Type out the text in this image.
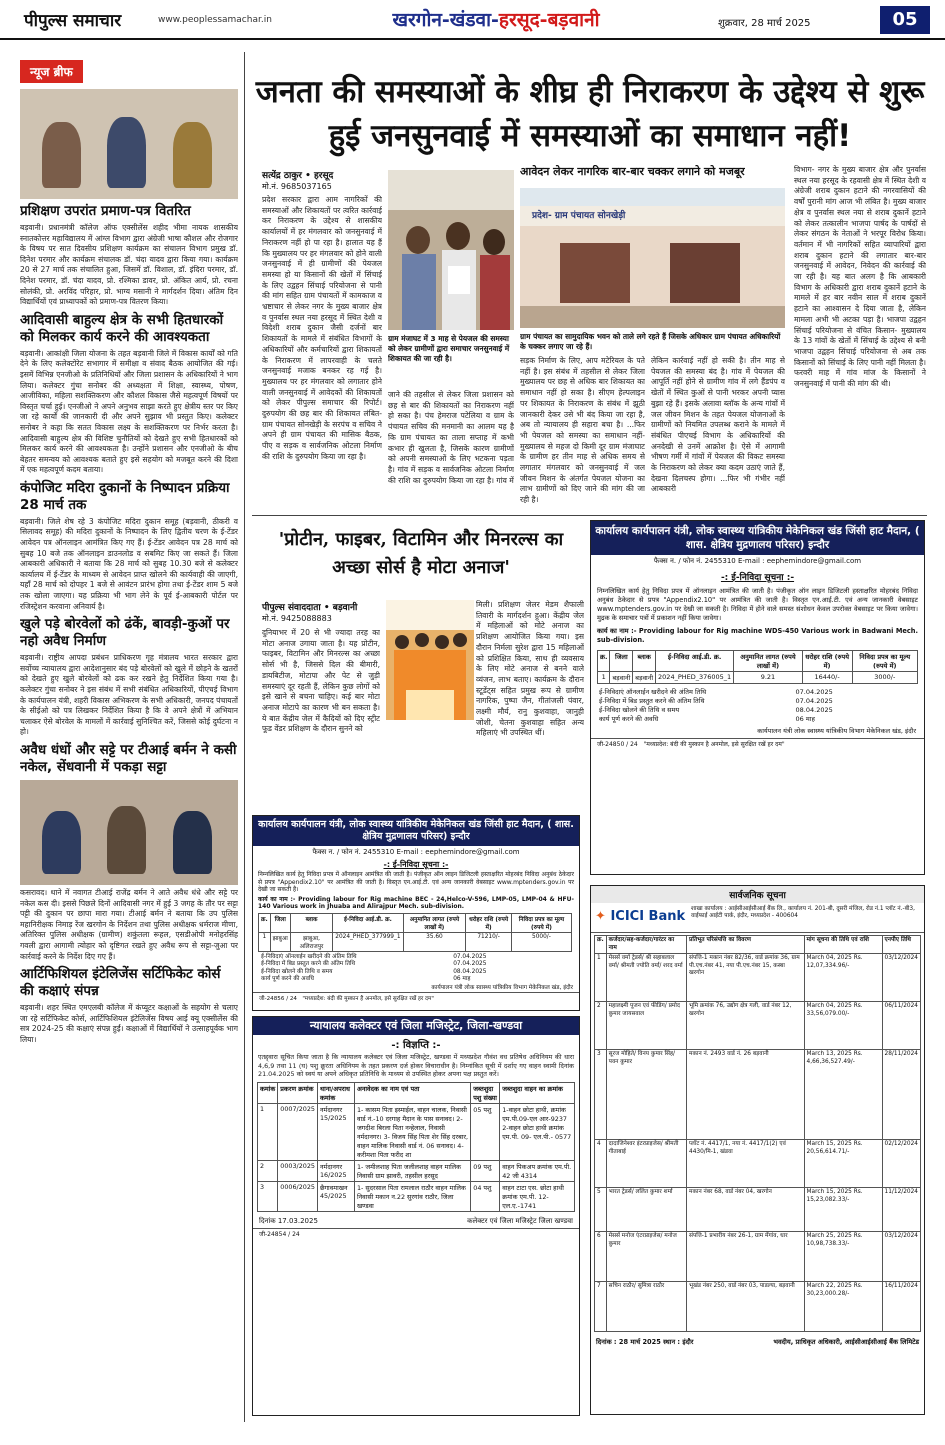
पीपुल्स समाचार	www.peoplessamachar.in	खरगोन-खंडवा-हरसूद-बड़वानी	शुक्रवार, 28 मार्च 2025	05
न्यूज ब्रीफ
प्रशिक्षण उपरांत प्रमाण-पत्र वितरित
बड़वानी। प्रधानमंत्री कॉलेज ऑफ एक्सीलेंस शहीद भीमा नायक शासकीय स्नातकोत्तर महाविद्यालय में आंग्ल विभाग द्वारा अंग्रेजी भाषा कौशल और रोजगार के विषय पर सात दिवसीय प्रशिक्षण कार्यक्रम का संचालन विभाग प्रमुख डॉ. दिनेश परमार और कार्यक्रम संचालक डॉ. चंदा यादव द्वारा किया गया। कार्यक्रम 20 से 27 मार्च तक संचालित हुआ, जिसमें डॉ. विशाल, डॉ. इंदिरा परमार, डॉ. दिनेश परमार, डॉ. चंदा यादव, प्रो. रश्मिका डावर, प्रो. अंकित आर्य, प्रो. रचना सोलंकी, प्रो. अरविंद परिहार, प्रो. भाग्य मसानी ने मार्गदर्शन दिया। अंतिम दिन विद्यार्थियों एवं प्राध्यापकों को प्रमाण-पत्र वितरण किया।
आदिवासी बाहुल्य क्षेत्र के सभी हितधारकों को मिलकर कार्य करने की आवश्यकता
बड़वानी। आकांक्षी जिला योजना के तहत बड़वानी जिले में विकास कार्यों को गति देने के लिए कलेक्टोरेट सभागार में समीक्षा व संवाद बैठक आयोजित की गई। इसमें विभिन्न एनजीओ के प्रतिनिधियों और जिला प्रशासन के अधिकारियों ने भाग लिया। कलेक्टर गुंचा सनोबर की अध्यक्षता में शिक्षा, स्वास्थ्य, पोषण, आजीविका, महिला सशक्तिकरण और कौशल विकास जैसे महत्वपूर्ण विषयों पर विस्तृत चर्चा हुई। एनजीओ ने अपने अनुभव साझा करते हुए क्षेत्रीय स्तर पर किए जा रहे कार्यों की जानकारी दी और अपने सुझाव भी प्रस्तुत किए। कलेक्टर सनोबर ने कहा कि सतत विकास लक्ष्य के सशक्तिकरण पर निर्भर करता है। आदिवासी बाहुल्य क्षेत्र की विशिष्ट चुनौतियों को देखते हुए सभी हितधारकों को मिलकर कार्य करने की आवश्यकता है। उन्होंने प्रशासन और एनजीओ के बीच बेहतर समन्वय को आवश्यक बताते हुए इसे सहयोग को मजबूत करने की दिशा में एक महत्वपूर्ण कदम बताया।
कंपोजिट मदिरा दुकानों के निष्पादन प्रक्रिया 28 मार्च तक
बड़वानी। जिले शेष रहे 3 कंपोजिट मदिरा दुकान समूह (बड़वानी, ठीकरी व सिलावद समूह) की मदिरा दुकानों के निष्पादन के लिए द्वितीय चरण के ई-टेंडर आवेदन पत्र ऑनलाइन आमंत्रित किए गए हैं। ई-टेंडर आवेदन पत्र 28 मार्च को सुबह 10 बजे तक ऑनलाइन डाउनलोड व सबमिट किए जा सकते हैं। जिला आबकारी अधिकारी ने बताया कि 28 मार्च को सुबह 10.30 बजे से कलेक्टर कार्यालय में ई-टेंडर के माध्यम से आवेदन प्राप्त खोलने की कार्यवाही की जाएगी, यहाँ 28 मार्च को दोपहर 1 बजे से आवंटन प्रारंभ होगा तथा ई-टेंडर शाम 5 बजे तक खोला जाएगा। यह प्रक्रिया भी भाग लेने के पूर्व ई-आबकारी पोर्टल पर रजिस्ट्रेशन करवाना अनिवार्य है।
खुले पड़े बोरवेलों को ढंकें, बावड़ी-कुओं पर नहो अवैध निर्माण
बड़वानी। राष्ट्रीय आपदा प्रबंधन प्राधिकरण गृह मंत्रालय भारत सरकार द्वारा सर्वोच्च न्यायालय द्वारा आदेशानुसार बंद पड़े बोरवेलों को खुले में छोड़ने के खतरों को देखते हुए खुले बोरवेलों को ढक कर रखने हेतु निर्देशित किया गया है। कलेक्टर गुंचा सनोबर ने इस संबंध में सभी संबंधित अधिकारियों, पीएचई विभाग के कार्यपालन यंत्री, शहरी विकास अभिकरण के सभी अधिकारी, जनपद पंचायतों के सीईओ को पत्र लिखकर निर्देशित किया है कि वे अपने क्षेत्रों में अभियान चलाकर ऐसे बोरवेल के मामलों में कार्रवाई सुनिश्चित करें, जिससे कोई दुर्घटना न हो।
अवैध धंधों और सट्टे पर टीआई बर्मन ने कसी नकेल, सेंधवानी में पकड़ा सट्टा
कसरावद। थाने में नवागत टीआई राजेंद्र बर्मन ने आते अवैध धंधे और सट्टे पर नकेल कस दी। इससे पिछले दिनों आदिवासी नगर में हुई 3 जगह के तौर पर सट्टा पट्टी की दुकान पर छापा मारा गया। टीआई बर्मन ने बताया कि उप पुलिस महानिरीक्षक निमाड़ रेंज खरगोन के निर्देशन तथा पुलिस अधीक्षक धर्मराज मीणा, अतिरिक्त पुलिस अधीक्षक (ग्रामीण) शकुंतला रूहल, एसडीओपी मनोहरसिंह गवली द्वारा आगामी त्योहार को दृष्टिगत रखते हुए अवैध रूप से सट्टा-जुआ पर कार्रवाई करने के निर्देश दिए गए हैं।
आर्टिफिशियल इंटेलिजेंस सर्टिफिकेट कोर्स की कक्षाएं संपन्न
बड़वानी। शहर स्थित एमएलबी कॉलेज में कंप्यूटर कक्षाओं के सहयोग से चलाए जा रहे सर्टिफिकेट कोर्स, आर्टिफिशियल इंटेलिजेंस विषय आई क्यू एक्सीलेंस की सत्र 2024-25 की कक्षाएं संपन्न हुईं। कक्षाओं में विद्यार्थियों ने उत्साहपूर्वक भाग लिया।
जनता की समस्याओं के शीघ्र ही निराकरण के उद्देश्य से शुरू हुई जनसुनवाई में समस्याओं का समाधान नहीं!
सत्येंद्र ठाकुर • हरसूद
मो.नं. 9685037165
प्रदेश सरकार द्वारा आम नागरिकों की समस्याओं और शिकायतों पर त्वरित कार्रवाई कर निराकरण के उद्देश्य से शासकीय कार्यालयों में हर मंगलवार को जनसुनवाई में निराकरण नहीं हो पा रहा है। हालात यह हैं कि मुख्यालय पर हर मंगलवार को होने वाली जनसुनवाई में ही ग्रामीणों की पेयजल समस्या हो या किसानों की खेतों में सिंचाई के लिए उद्वहन सिंचाई परियोजना से पानी की मांग सहित ग्राम पंचायतों में कामकाज व भ्रष्टाचार से लेकर नगर के मुख्य बाजार क्षेत्र व पुनर्वास स्थल नया हरसूद में स्थित देशी व विदेशी शराब दुकान जैसी दर्जनों बार शिकायतों के मामले में संबंधित विभागों के अधिकारियों और कर्मचारियों द्वारा शिकायतों के निराकरण में लापरवाही के चलते जनसुनवाई मजाक बनकर रह गई है। मुख्यालय पर हर मंगलवार को लगातार होने वाली जनसुनवाई में आवेदकों की शिकायतों को लेकर पीपुल्स समाचार की रिपोर्ट। दुरुपयोग की छह बार की शिकायत लंबित- ग्राम पंचायत सोनखेड़ी के सरपंच व सचिव ने अपने ही ग्राम पंचायत की मासिक बैठक, पीए व सड़क व सार्वजनिक ओटला निर्माण की राशि के दुरुपयोग किया जा रहा है।
ग्राम मंजाघट में 3 माह से पेयजल की समस्या को लेकर ग्रामीणों द्वारा समाचार जनसुनवाई में शिकायत की जा रही है।
जाने की तहसील से लेकर जिला प्रशासन को छह से बार की शिकायतों का निराकरण नहीं हो सका है। पंच हेमराज पटेलिया व ग्राम के पंचायत सचिव की मनमानी का आलम यह है कि ग्राम पंचायत का ताला सप्ताह में कभी कभार ही खुलता है, जिसके कारण ग्रामीणों को अपनी समस्याओं के लिए भटकना पड़ता है। गांव में सड़क व सार्वजनिक ओटला निर्माण की राशि का दुरुपयोग किया जा रहा है। गांव में
आवेदन लेकर नागरिक बार-बार चक्कर लगाने को मजबूर
प्रदेश- ग्राम पंचायत सोनखेड़ी
ग्राम पंचायत का सामुदायिक भवन को ताले लगे रहते हैं जिसके अधिकार ग्राम पंचायत अधिकारियों के चक्कर लगाए जा रहे हैं।
सड़क निर्माण के लिए, आप मटेरियल के पते नहीं है। इस संबंध में तहसील से लेकर जिला मुख्यालय पर छह से अधिक बार शिकायत का समाधान नहीं हो सका है। सीएम हेल्पलाइन पर शिकायत के निराकरण के संबंध में झूठी जानकारी देकर उसे भी बंद किया जा रहा है, अब तो न्यायालय ही सहारा बचा है। ...फिर भी पेयजल को समस्या का समाधान नहीं-मुख्यालय से महज दो किमी दूर ग्राम मंजाघाट के ग्रामीण हर तीन माह से अधिक समय से लगातार मंगलवार को जनसुनवाई में जल जीवन मिशन के अंतर्गत पेयजल योजना का लाभ ग्रामीणों को दिए जाने की मांग की जा रही है।
लेकिन कार्रवाई नहीं हो सकी है। तीन माह से पेयजल की समस्या बंद है। गांव में पेयजल की आपूर्ति नहीं होने से ग्रामीण गांव में लगे हैंडपंप व खेतों में स्थित कुओं से पानी भरकर अपनी प्यास बुझा रहे हैं। इसके अलावा ब्लॉक के अन्य गांवों में जल जीवन मिशन के तहत पेयजल योजनाओं के ग्रामीणों को नियमित उपलब्ध कराने के मामले में संबंधित पीएचई विभाग के अधिकारियों की अनदेखी से उनमें आक्रोश है। ऐसे में आगामी भीषण गर्मी में गांवों में पेयजल की विकट समस्या के निराकरण को लेकर क्या कदम उठाएं जाते हैं, देखना दिलचस्प होगा। ...फिर भी गंभीर नहीं आबकारी
विभाग- नगर के मुख्य बाजार क्षेत्र और पुनर्वास स्थल नया हरसूद के रहवासी क्षेत्र में स्थित देशी व अंग्रेजी शराब दुकान हटाने की नगरवासियों की वर्षों पुरानी मांग आज भी लंबित है। मुख्य बाजार क्षेत्र व पुनर्वास स्थल नया से शराब दुकानें हटाने को लेकर तत्कालीन भाजपा पार्षद के पार्षदों से लेकर संगठन के नेताओं ने भरपूर विरोध किया। वर्तमान में भी नागरिकों सहित व्यापारियों द्वारा शराब दुकान हटाने की लगातार बार-बार जनसुनवाई में आवेदन, निवेदन की कार्रवाई की जा रही है। यह बात अलग है कि आबकारी विभाग के अधिकारी द्वारा शराब दुकानें हटाने के मामले में हर बार नवीन साल में शराब दुकानें हटाने का आश्वासन दे दिया जाता है, लेकिन मामला अभी भी अटका पड़ा है। भाजपा उद्वहन सिंचाई परियोजना से वंचित किसान- मुख्यालय के 13 गांवों के खेतों में सिंचाई के उद्देश्य से बनी भाजपा उद्वहन सिंचाई परियोजना से अब तक किसानों को सिंचाई के लिए पानी नहीं मिलता है। फरवरी माह में गांव मांज के किसानों ने जनसुनवाई में पानी की मांग की थी।
'प्रोटीन, फाइबर, विटामिन और मिनरल्स का अच्छा सोर्स है मोटा अनाज'
पीपुल्स संवाददाता • बड़वानी
मो.नं. 9425088883
दुनियाभर में 20 से भी ज्यादा तरह का मोटा अनाज उगाया जाता है। यह प्रोटीन, फाइबर, विटामिन और मिनरल्स का अच्छा सोर्स भी है, जिससे दिल की बीमारी, डायबिटीज, मोटापा और पेट से जुड़ी समस्याएं दूर रहती हैं, लेकिन कुछ लोगों को इसे खाने से बचना चाहिए। कई बार मोटा अनाज मोटापे का कारण भी बन सकता है। ये बात केंद्रीय जेल में कैदियों को दिए स्ट्रीट फूड वेंडर प्रशिक्षण के दौरान सुनने को
मिली। प्रशिक्षण जेलर मेडम शैफाली तिवारी के मार्गदर्शन हुआ। केंद्रीय जेल में महिलाओं को मोटे अनाज का प्रशिक्षण आयोजित किया गया। इस दौरान निर्मला सुरेश द्वारा 15 महिलाओं को प्रशिक्षित किया, साथ ही व्यवसाय के लिए मोटे अनाज से बनने वाले व्यंजन, लाभ बताए। कार्यक्रम के दौरान स्टूडेंट्स सहित प्रमुख रूप से ग्रामीण नागरिक, पुष्पा जैन, गीतांजली पंवार, लक्ष्मी मौर्य, रानु कुशवाहा, जानुही जोशी, चेतना कुशवाहा सहित अन्य महिलाएं भी उपस्थित थीं।
कार्यालय कार्यपालन यंत्री, लोक स्वास्थ्य यांत्रिकीय मेकेनिकल खंड जिंसी हाट मैदान, ( शास. क्षेत्रिय मुद्रणालय परिसर) इन्दौर
फैक्स न. / फोन नं. 2455310 E-mail : eephemindore@gmail.com
-: ई-निविदा सूचना :-
निम्नलिखित कार्य हेतु निविदा प्रपत्र में ऑनलाइन आमंत्रित की जाती है। पंजीकृत ऑन लाइन डिजिटली हस्ताक्षरित मोहरबंद निविदा अनुबंध ठेकेदार से प्रपत्र "Appendix2.10" पर आमंत्रित की जाती है। विस्तृत एन.आई.टी. एवं अन्य जानकारी वेबसाइट www.mptenders.gov.in पर देखी जा सकती है। निविदा में होने वाले समस्त संशोधन केवल उपरोक्त वेबसाइट पर किया जावेगा। मुद्रक के समाचार पत्रों में प्रकाशन नहीं किया जावेगा।
कार्य का नाम :- Providing labour for Rig machine WDS-450 Various work in Badwani Mech. sub-division.
क्र.	जिला	ब्लाक	ई-निविदा आई.डी. क्र.	अनुमानित लागत (रुपये लाखों में)	धरोहर राशि (रुपये में)	निविदा प्रपत्र का मूल्य (रुपये में)
1	बड़वानी	बड़वानी	2024_PHED_376005_1	9.21	16440/-	3000/-
ई-निविदाएं ऑनलाईन खरीदने की अंतिम तिथि	07.04.2025
ई-निविदा में बिड प्रस्तुत करने की अंतिम तिथि	07.04.2025
ई-निविदा खोलने की तिथि व समय	08.04.2025
कार्य पूर्ण करने की अवधि	06 माह
कार्यपालन यंत्री लोक स्वास्थ्य यांत्रिकीय विभाग मेकेनिकल खंड, इंदौर
जी-24850 / 24 "मध्यप्रदेश: बंदी की मुस्कान है अनमोल, इसे सुरक्षित रखें हर दम"
कार्यालय कार्यपालन यंत्री, लोक स्वास्थ्य यांत्रिकीय मेकेनिकल खंड जिंसी हाट मैदान, ( शास. क्षेत्रिय मुद्रणालय परिसर) इन्दौर
फैक्स न. / फोन नं. 2455310 E-mail : eephemindore@gmail.com
-: ई-निविदा सूचना :-
निम्नलिखित कार्य हेतु निविदा प्रपत्र में ऑनलाइन आमंत्रित की जाती है। पंजीकृत ऑन लाइन डिजिटली हस्ताक्षरित मोहरबंद निविदा अनुबंध ठेकेदार से प्रपत्र "Appendix2.10" पर आमंत्रित की जाती है। विस्तृत एन.आई.टी. एवं अन्य जानकारी वेबसाइट www.mptenders.gov.in पर देखी जा सकती है।
कार्य का नाम :- Providing labour for Rig machine BEC - 24,Helco-V-596, LMP-05, LMP-04 & HFU- 140 Various work in Jhuaba and Alirajpur Mech. sub-division.
क्र.	जिला	ब्लाक	ई-निविदा आई.डी. क्र.	अनुमानित लागत (रुपये लाखों में)	धरोहर राशि (रुपये में)	निविदा प्रपत्र का मूल्य (रुपये में)
1	झाबुआ	झाबुआ, अलिराजपुर	2024_PHED_377999_1	35.60	71210/-	5000/-
ई-निविदाएं ऑनलाईन खरीदने की अंतिम तिथि	07.04.2025
ई-निविदा में बिड प्रस्तुत करने की अंतिम तिथि	07.04.2025
ई-निविदा खोलने की तिथि व समय	08.04.2025
कार्य पूर्ण करने की अवधि	06 माह
कार्यपालन यंत्री लोक स्वास्थ्य यांत्रिकीय विभाग मेकेनिकल खंड, इंदौर
जी-24856 / 24 "मध्यप्रदेश: बंदी की मुस्कान है अनमोल, इसे सुरक्षित रखें हर दम"
न्यायालय कलेक्टर एवं जिला मजिस्ट्रेट, जिला-खण्डवा
-: विज्ञप्ति :-
एतद्द्वारा सूचित किया जाता है कि न्यायालय कलेक्टर एवं जिला मजिस्ट्रेट, खण्डवा में मध्यप्रदेश गौवंश वध प्रतिषेध अधिनियम की धारा 4,6,9 तथा 11 (घ) पशु क्रूरता अधिनियम के तहत प्रकरण दर्ज होकर विचाराधीन है। निम्नांकित सूची में दर्शाए गए वाहन स्वामी दिनांक 21.04.2025 को स्वयं या अपने अधिकृत प्रतिनिधि के माध्यम से उपस्थित होकर अपना पक्ष प्रस्तुत करें।
कमांक	प्रकरण क्रमांक	थाना/अपराध कमांक	अनावेदक का नाम एवं पता	जब्तशुदा पशु संख्या	जब्तशुदा वाहन का क्रमांक
1	0007/2025	नर्मदानगर 15/2025	1- कासम पिता इस्माईल, वाहन चालक, निवासी वार्ड नं.-10 दरगाह मैदान के पास सनावद। 2- जगदीश बिरला पिता नन्हेलाल, निवासी नर्मदानगर। 3- विजय सिंह पिता शेर सिंह दरबार, वाहन मालिक निवासी वार्ड नं. 06 सनावद। 4- करीमशा पिता फरीद शा	05 पशु	1-वाहन छोटा हाथी, क्रमांक एम.पी.09-एल आर-9237 2-वाहन छोटा हाथी क्रमांक एम.पी. 09- एल.पी.- 0577
2	0003/2025	नर्मदानगर 16/2025	1- जमीलशाह पिता जलीलशाह वाहन मालिक निवासी ग्राम झावरी, तहसील हरसूद	09 पशु	वाहन पिकअप क्रमांक एम.पी. 42 जी 4314
3	0006/2025	छैगावमाखन 45/2025	1- सुदरसाल पिता रामलाल राठौर वाहन मालिक निवासी मकान न.22 सुरगांव राठौर, जिला खण्डवा	04 पशु	वाहन टाटा एस. छोटा हाथी क्रमांक एम.पी. 12-एल.ए.-1741
दिनांक 17.03.2025	कलेक्टर एवं जिला मजिस्ट्रेट जिला खण्डवा
जी-24854 / 24
सार्वजनिक सूचना
✦ ICICI Bank शाखा कार्यालय : आईसीआईसीआई बैंक लि., कार्यालय नं. 201-बी, दूसरी मंजिल, रोड नं.1 प्लॉट नं.-बी3, वाईफाई आईटी पार्क, इंदौर, मध्यप्रदेश - 400604
क्र.	कर्जदार/सह-कर्जदार/गारंटर का नाम	प्रतिभूत परिसंपत्ति का विवरण	मांग सूचना की तिथि एवं राशि	एनपीए तिथि
1	मेसर्स वर्मा ट्रेडर्स/ श्री सहाबलाल वर्मा/ श्रीमती ज्योति वर्मा/ शरद वर्मा	संपत्ति-1 मकान नंबर 82/36, वार्ड क्रमांक 36, ग्राम पी.एच.नंबर 41, नया पी.एच.नंबर 15, कस्बा खरगोन	March 04, 2025 Rs. 12,07,334.96/-	03/12/2024
2	महालक्ष्मी पूजन एवं फीडिंग/ प्रमोद कुमार जायसवाल	भूमि क्रमांक 76, उद्योग क्षेत्र गली, वार्ड नंबर 12, खरगोन	March 04, 2025 Rs. 33,56,079.00/-	06/11/2024
3	सूरज मोहिते/ विनय कुमार सिंह/ पवन कुमार	मकान नं. 2493 वार्ड नं. 26 बड़वानी	March 13, 2025 Rs. 4,66,36,527.49/-	28/11/2024
4	दादाजिनेश्वर इंटरप्राइजेस/ श्रीमती गीताबाई	प्लॉट नं. 4417/1, नया नं. 4417/1(2) एवं 4430/मि-1, खंडवा	March 15, 2025 Rs. 20,56,614.71/-	02/12/2024
5	भारत ट्रेडर्स/ ललित कुमार शर्मा	मकान नंबर 68, वार्ड नंबर 04, खरगोन	March 15, 2025 Rs. 15,23,082.33/-	11/12/2024
6	मेसर्स मनोज एंटरप्राइजेस/ मनोज कुमार	संपत्ति-1 प्रभारीय नंबर 26-1, ग्राम मेंगांव, धार	March 25, 2025 Rs. 10,98,738.33/-	03/12/2024
7	सचिन राठौर/ सुमित्रा राठौर	भूखंड नंबर 250, वार्ड नंबर 03, पाडल्या, बड़वानी	March 22, 2025 Rs. 30,23,000.28/-	16/11/2024
दिनांक : 28 मार्च 2025 स्थान : इंदौर	भवदीय, प्राधिकृत अधिकारी, आईसीआईसीआई बैंक लिमिटेड
